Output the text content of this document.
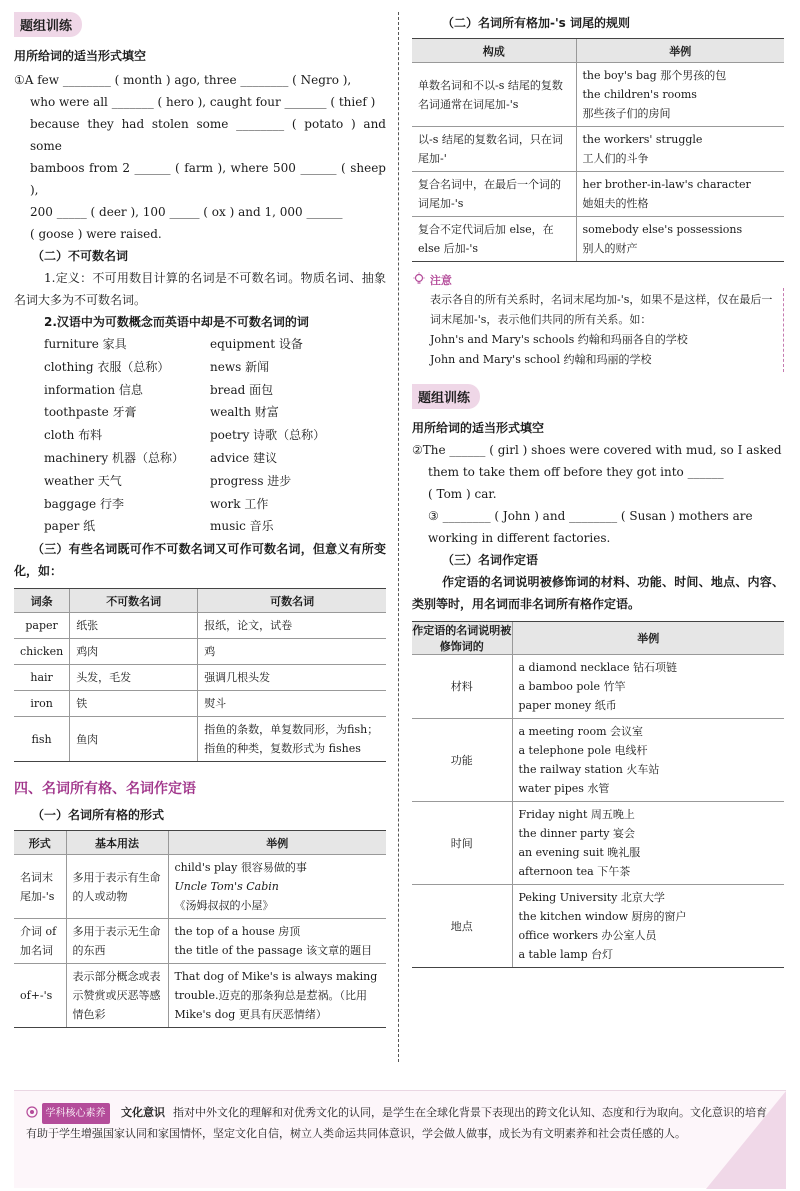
题组训练
用所给词的适当形式填空
①A few ________ ( month ) ago, three ________ ( Negro ),
who were all _______ ( hero ), caught four _______ ( thief )
because they had stolen some ________ ( potato ) and some
bamboos from 2 ______ ( farm ), where 500 ______ ( sheep ),
200 _____ ( deer ), 100 _____ ( ox ) and 1, 000 ______
( goose ) were raised.
（二）不可数名词
1.定义：不可用数目计算的名词是不可数名词。物质名词、抽象名词大多为不可数名词。
2.汉语中为可数概念而英语中却是不可数名词的词
furniture 家具	equipment 设备
clothing 衣服（总称）	news 新闻
information 信息	bread 面包
toothpaste 牙膏	wealth 财富
cloth 布料	poetry 诗歌（总称）
machinery 机器（总称）	advice 建议
weather 天气	progress 进步
baggage 行李	work 工作
paper 纸	music 音乐
（三）有些名词既可作不可数名词又可作可数名词，但意义有所变化，如：
词条	不可数名词	可数名词
paper	纸张	报纸，论文，试卷
chicken	鸡肉	鸡
hair	头发，毛发	强调几根头发
iron	铁	熨斗
fish	鱼肉	指鱼的条数，单复数同形，为fish；指鱼的种类，复数形式为 fishes
四、名词所有格、名词作定语
（一）名词所有格的形式
形式	基本用法	举例
名词末尾加-'s	多用于表示有生命的人或动物	child's play 很容易做的事
Uncle Tom's Cabin
《汤姆叔叔的小屋》

介词 of 加名词	多用于表示无生命的东西	the top of a house 房顶
the title of the passage 该文章的题目

of+-'s	表示部分概念或表示赞赏或厌恶等感情色彩	That dog of Mike's is always making trouble.迈克的那条狗总是惹祸。（比用 Mike's dog 更具有厌恶情绪）
（二）名词所有格加-'s 词尾的规则
构成	举例
单数名词和不以-s 结尾的复数名词通常在词尾加-'s	the boy's bag 那个男孩的包
the children's rooms
那些孩子们的房间

以-s 结尾的复数名词，只在词尾加-'	the workers' struggle
工人们的斗争

复合名词中，在最后一个词的词尾加-'s	her brother-in-law's character
她姐夫的性格

复合不定代词后加 else，在 else 后加-'s	somebody else's possessions
别人的财产
注意
表示各自的所有关系时，名词末尾均加-'s，如果不是这样，仅在最后一词末尾加-'s，表示他们共同的所有关系。如：
John's and Mary's schools 约翰和玛丽各自的学校
John and Mary's school 约翰和玛丽的学校
题组训练
用所给词的适当形式填空
②The ______ ( girl ) shoes were covered with mud, so I asked
them to take them off before they got into ______
( Tom ) car.
③ ________ ( John ) and ________ ( Susan ) mothers are
working in different factories.
（三）名词作定语
作定语的名词说明被修饰词的材料、功能、时间、地点、内容、类别等时，用名词而非名词所有格作定语。
作定语的名词说明被修饰词的	举例
材料	a diamond necklace 钻石项链
a bamboo pole 竹竿
paper money 纸币

功能	a meeting room 会议室
a telephone pole 电线杆
the railway station 火车站
water pipes 水管

时间	Friday night 周五晚上
the dinner party 宴会
an evening suit 晚礼服
afternoon tea 下午茶

地点	Peking University 北京大学
the kitchen window 厨房的窗户
office workers 办公室人员
a table lamp 台灯
学科核心素养 文化意识 指对中外文化的理解和对优秀文化的认同，是学生在全球化背景下表现出的跨文化认知、态度和行为取向。文化意识的培育有助于学生增强国家认同和家国情怀，坚定文化自信，树立人类命运共同体意识，学会做人做事，成长为有文明素养和社会责任感的人。
